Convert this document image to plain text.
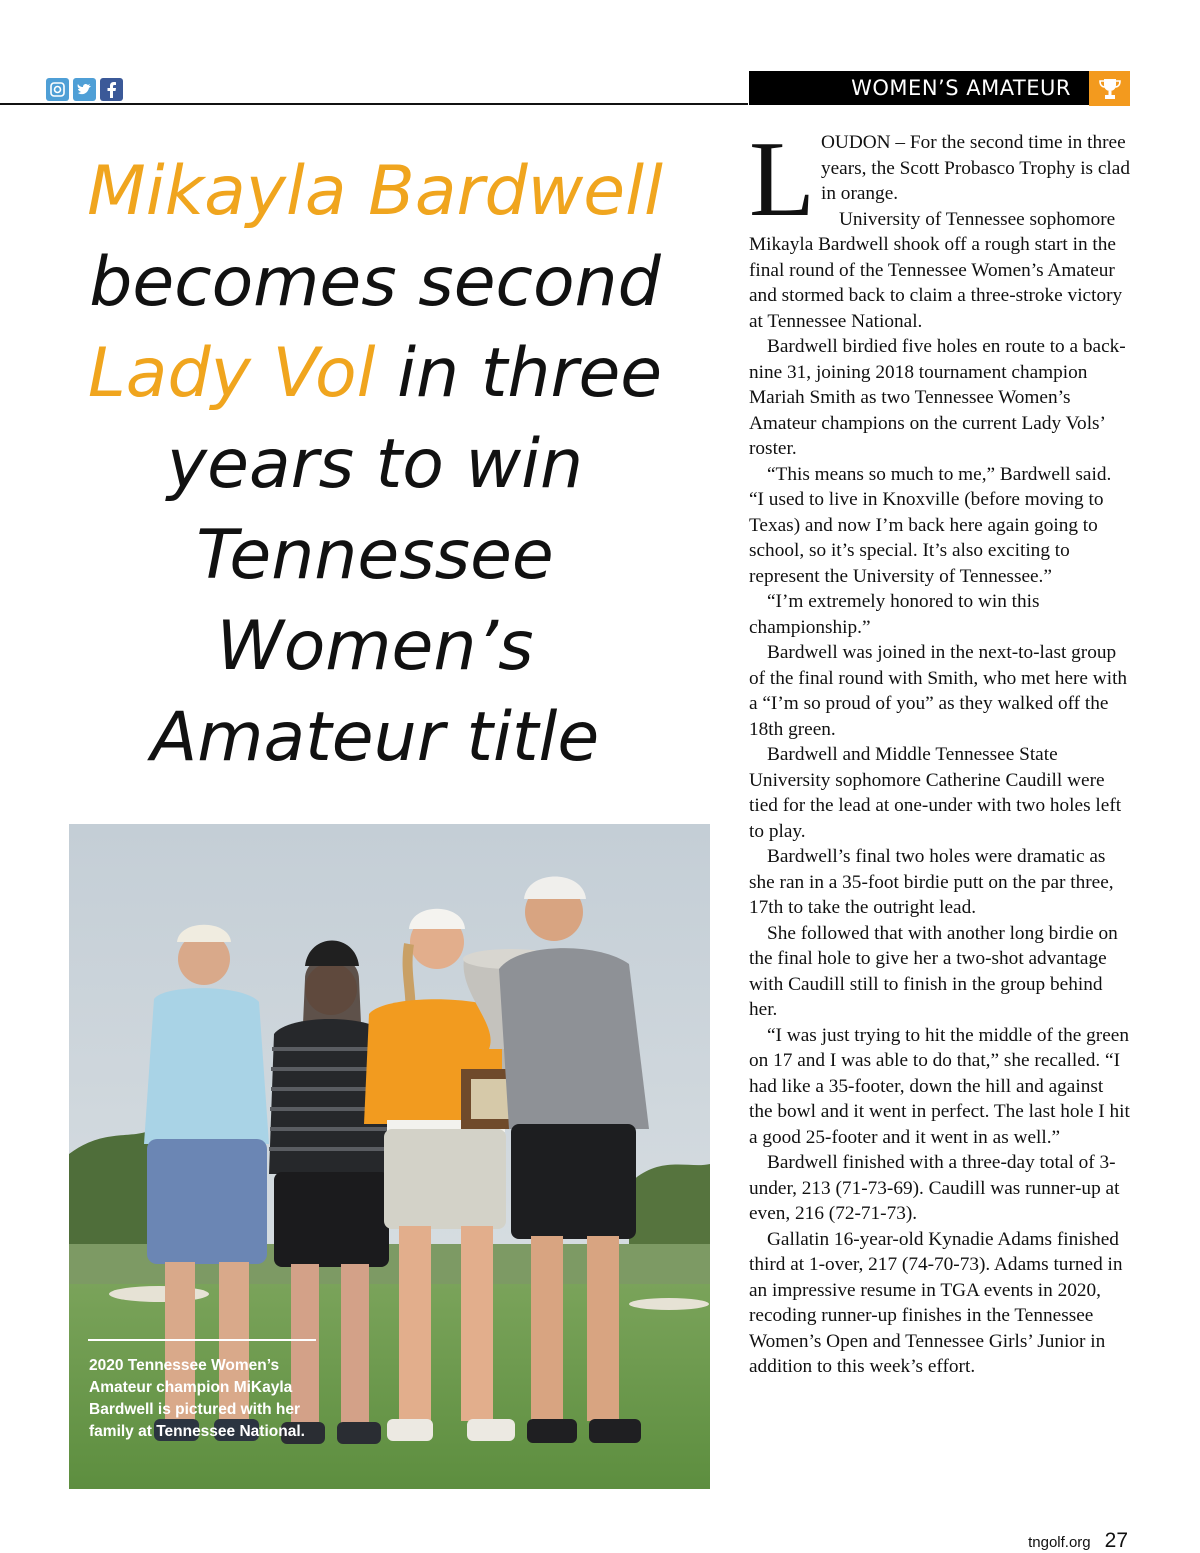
WOMEN’S AMATEUR
Mikayla Bardwell
becomes second
Lady Vol in three
years to win
Tennessee
Women’s
Amateur title
2020 Tennessee Women’s Amateur champion MiKayla Bardwell is pictured with her family at Tennessee National.

LOUDON – For the second time in three years, the Scott Probasco Trophy is clad in orange.

University of Tennessee sophomore Mikayla Bardwell shook off a rough start in the final round of the Tennessee Women’s Amateur and stormed back to claim a three-stroke victory at Tennessee National.

Bardwell birdied five holes en route to a back-nine 31, joining 2018 tournament champion Mariah Smith as two Tennessee Women’s Amateur champions on the current Lady Vols’ roster.

“This means so much to me,” Bardwell said. “I used to live in Knoxville (before moving to Texas) and now I’m back here again going to school, so it’s special. It’s also exciting to represent the University of Tennessee.”

“I’m extremely honored to win this championship.”

Bardwell was joined in the next-to-last group of the final round with Smith, who met here with a “I’m so proud of you” as they walked off the 18th green.

Bardwell and Middle Tennessee State University sophomore Catherine Caudill were tied for the lead at one-under with two holes left to play.

Bardwell’s final two holes were dramatic as she ran in a 35-foot birdie putt on the par three, 17th to take the outright lead.

She followed that with another long birdie on the final hole to give her a two-shot advantage with Caudill still to finish in the group behind her.

“I was just trying to hit the middle of the green on 17 and I was able to do that,” she recalled. “I had like a 35-footer, down the hill and against the bowl and it went in perfect. The last hole I hit a good 25-footer and it went in as well.”

Bardwell finished with a three-day total of 3-under, 213 (71-73-69). Caudill was runner-up at even, 216 (72-71-73).

Gallatin 16-year-old Kynadie Adams finished third at 1-over, 217 (74-70-73). Adams turned in an impressive resume in TGA events in 2020, recoding runner-up finishes in the Tennessee Women’s Open and Tennessee Girls’ Junior in addition to this week’s effort.

tngolf.org 27
